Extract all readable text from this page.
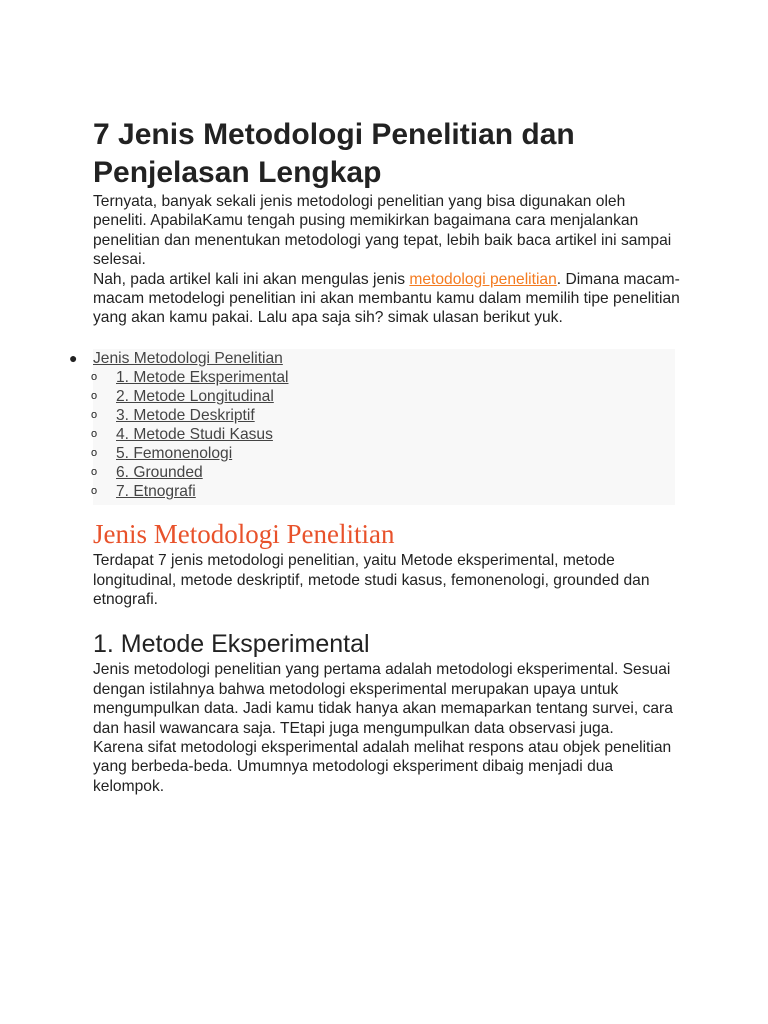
7 Jenis Metodologi Penelitian dan Penjelasan Lengkap

Ternyata, banyak sekali jenis metodologi penelitian yang bisa digunakan oleh peneliti. ApabilaKamu tengah pusing memikirkan bagaimana cara menjalankan penelitian dan menentukan metodologi yang tepat, lebih baik baca artikel ini sampai selesai.

Nah, pada artikel kali ini akan mengulas jenis metodologi penelitian. Dimana macam-macam metodelogi penelitian ini akan membantu kamu dalam memilih tipe penelitian yang akan kamu pakai. Lalu apa saja sih? simak ulasan berikut yuk.

● Jenis Metodologi Penelitian
o 1. Metode Eksperimental
o 2. Metode Longitudinal
o 3. Metode Deskriptif
o 4. Metode Studi Kasus
o 5. Femonenologi
o 6. Grounded
o 7. Etnografi
Jenis Metodologi Penelitian

Terdapat 7 jenis metodologi penelitian, yaitu Metode eksperimental, metode longitudinal, metode deskriptif, metode studi kasus, femonenologi, grounded dan etnografi.

1. Metode Eksperimental

Jenis metodologi penelitian yang pertama adalah metodologi eksperimental. Sesuai dengan istilahnya bahwa metodologi eksperimental merupakan upaya untuk mengumpulkan data. Jadi kamu tidak hanya akan memaparkan tentang survei, cara dan hasil wawancara saja. TEtapi juga mengumpulkan data observasi juga.

Karena sifat metodologi eksperimental adalah melihat respons atau objek penelitian yang berbeda-beda. Umumnya metodologi eksperiment dibaig menjadi dua kelompok.
